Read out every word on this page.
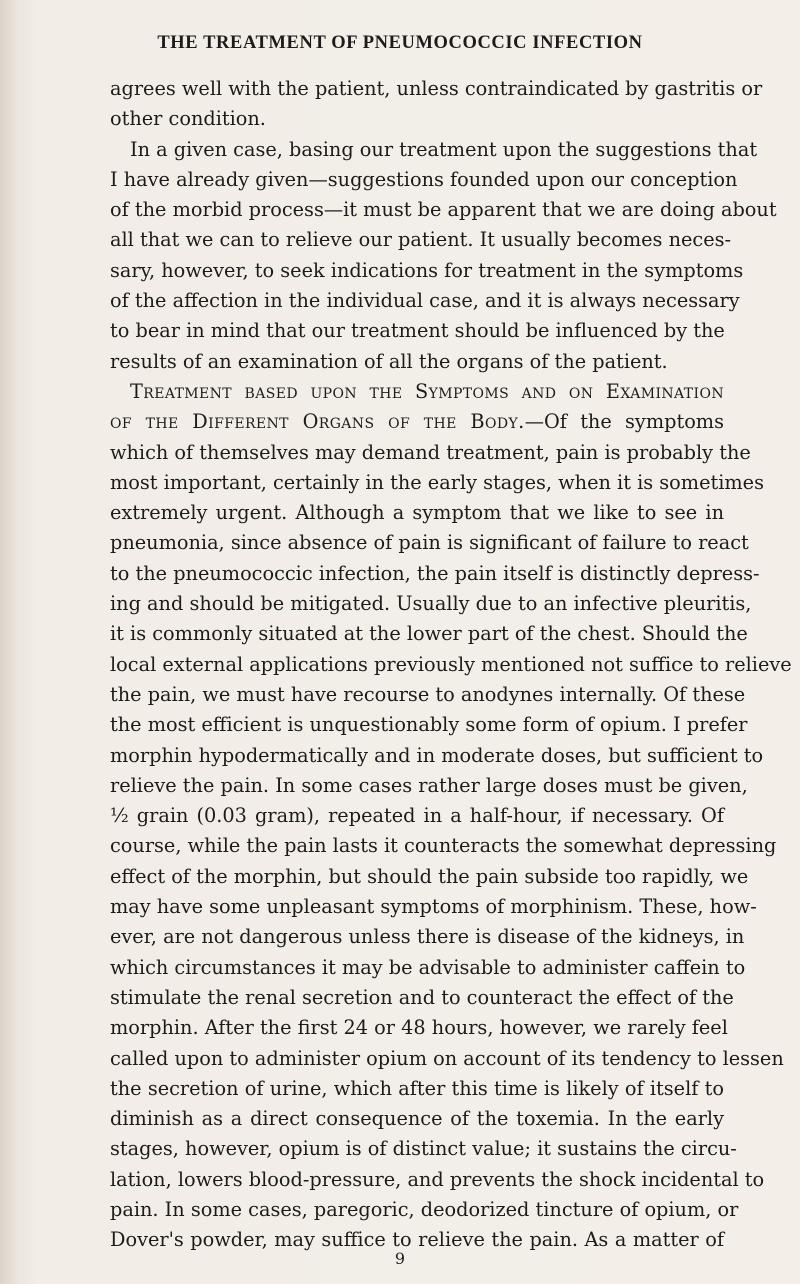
THE TREATMENT OF PNEUMOCOCCIC INFECTION
agrees well with the patient, unless contraindicated by gastritis or
other condition.
In a given case, basing our treatment upon the suggestions that
I have already given—suggestions founded upon our conception
of the morbid process—it must be apparent that we are doing about
all that we can to relieve our patient. It usually becomes neces-
sary, however, to seek indications for treatment in the symptoms
of the affection in the individual case, and it is always necessary
to bear in mind that our treatment should be influenced by the
results of an examination of all the organs of the patient.
Treatment based upon the Symptoms and on Examination
of the Different Organs of the Body.—Of the symptoms
which of themselves may demand treatment, pain is probably the
most important, certainly in the early stages, when it is sometimes
extremely urgent. Although a symptom that we like to see in
pneumonia, since absence of pain is significant of failure to react
to the pneumococcic infection, the pain itself is distinctly depress-
ing and should be mitigated. Usually due to an infective pleuritis,
it is commonly situated at the lower part of the chest. Should the
local external applications previously mentioned not suffice to relieve
the pain, we must have recourse to anodynes internally. Of these
the most efficient is unquestionably some form of opium. I prefer
morphin hypodermatically and in moderate doses, but sufficient to
relieve the pain. In some cases rather large doses must be given,
½ grain (0.03 gram), repeated in a half-hour, if necessary. Of
course, while the pain lasts it counteracts the somewhat depressing
effect of the morphin, but should the pain subside too rapidly, we
may have some unpleasant symptoms of morphinism. These, how-
ever, are not dangerous unless there is disease of the kidneys, in
which circumstances it may be advisable to administer caffein to
stimulate the renal secretion and to counteract the effect of the
morphin. After the first 24 or 48 hours, however, we rarely feel
called upon to administer opium on account of its tendency to lessen
the secretion of urine, which after this time is likely of itself to
diminish as a direct consequence of the toxemia. In the early
stages, however, opium is of distinct value; it sustains the circu-
lation, lowers blood-pressure, and prevents the shock incidental to
pain. In some cases, paregoric, deodorized tincture of opium, or
Dover's powder, may suffice to relieve the pain. As a matter of
9
